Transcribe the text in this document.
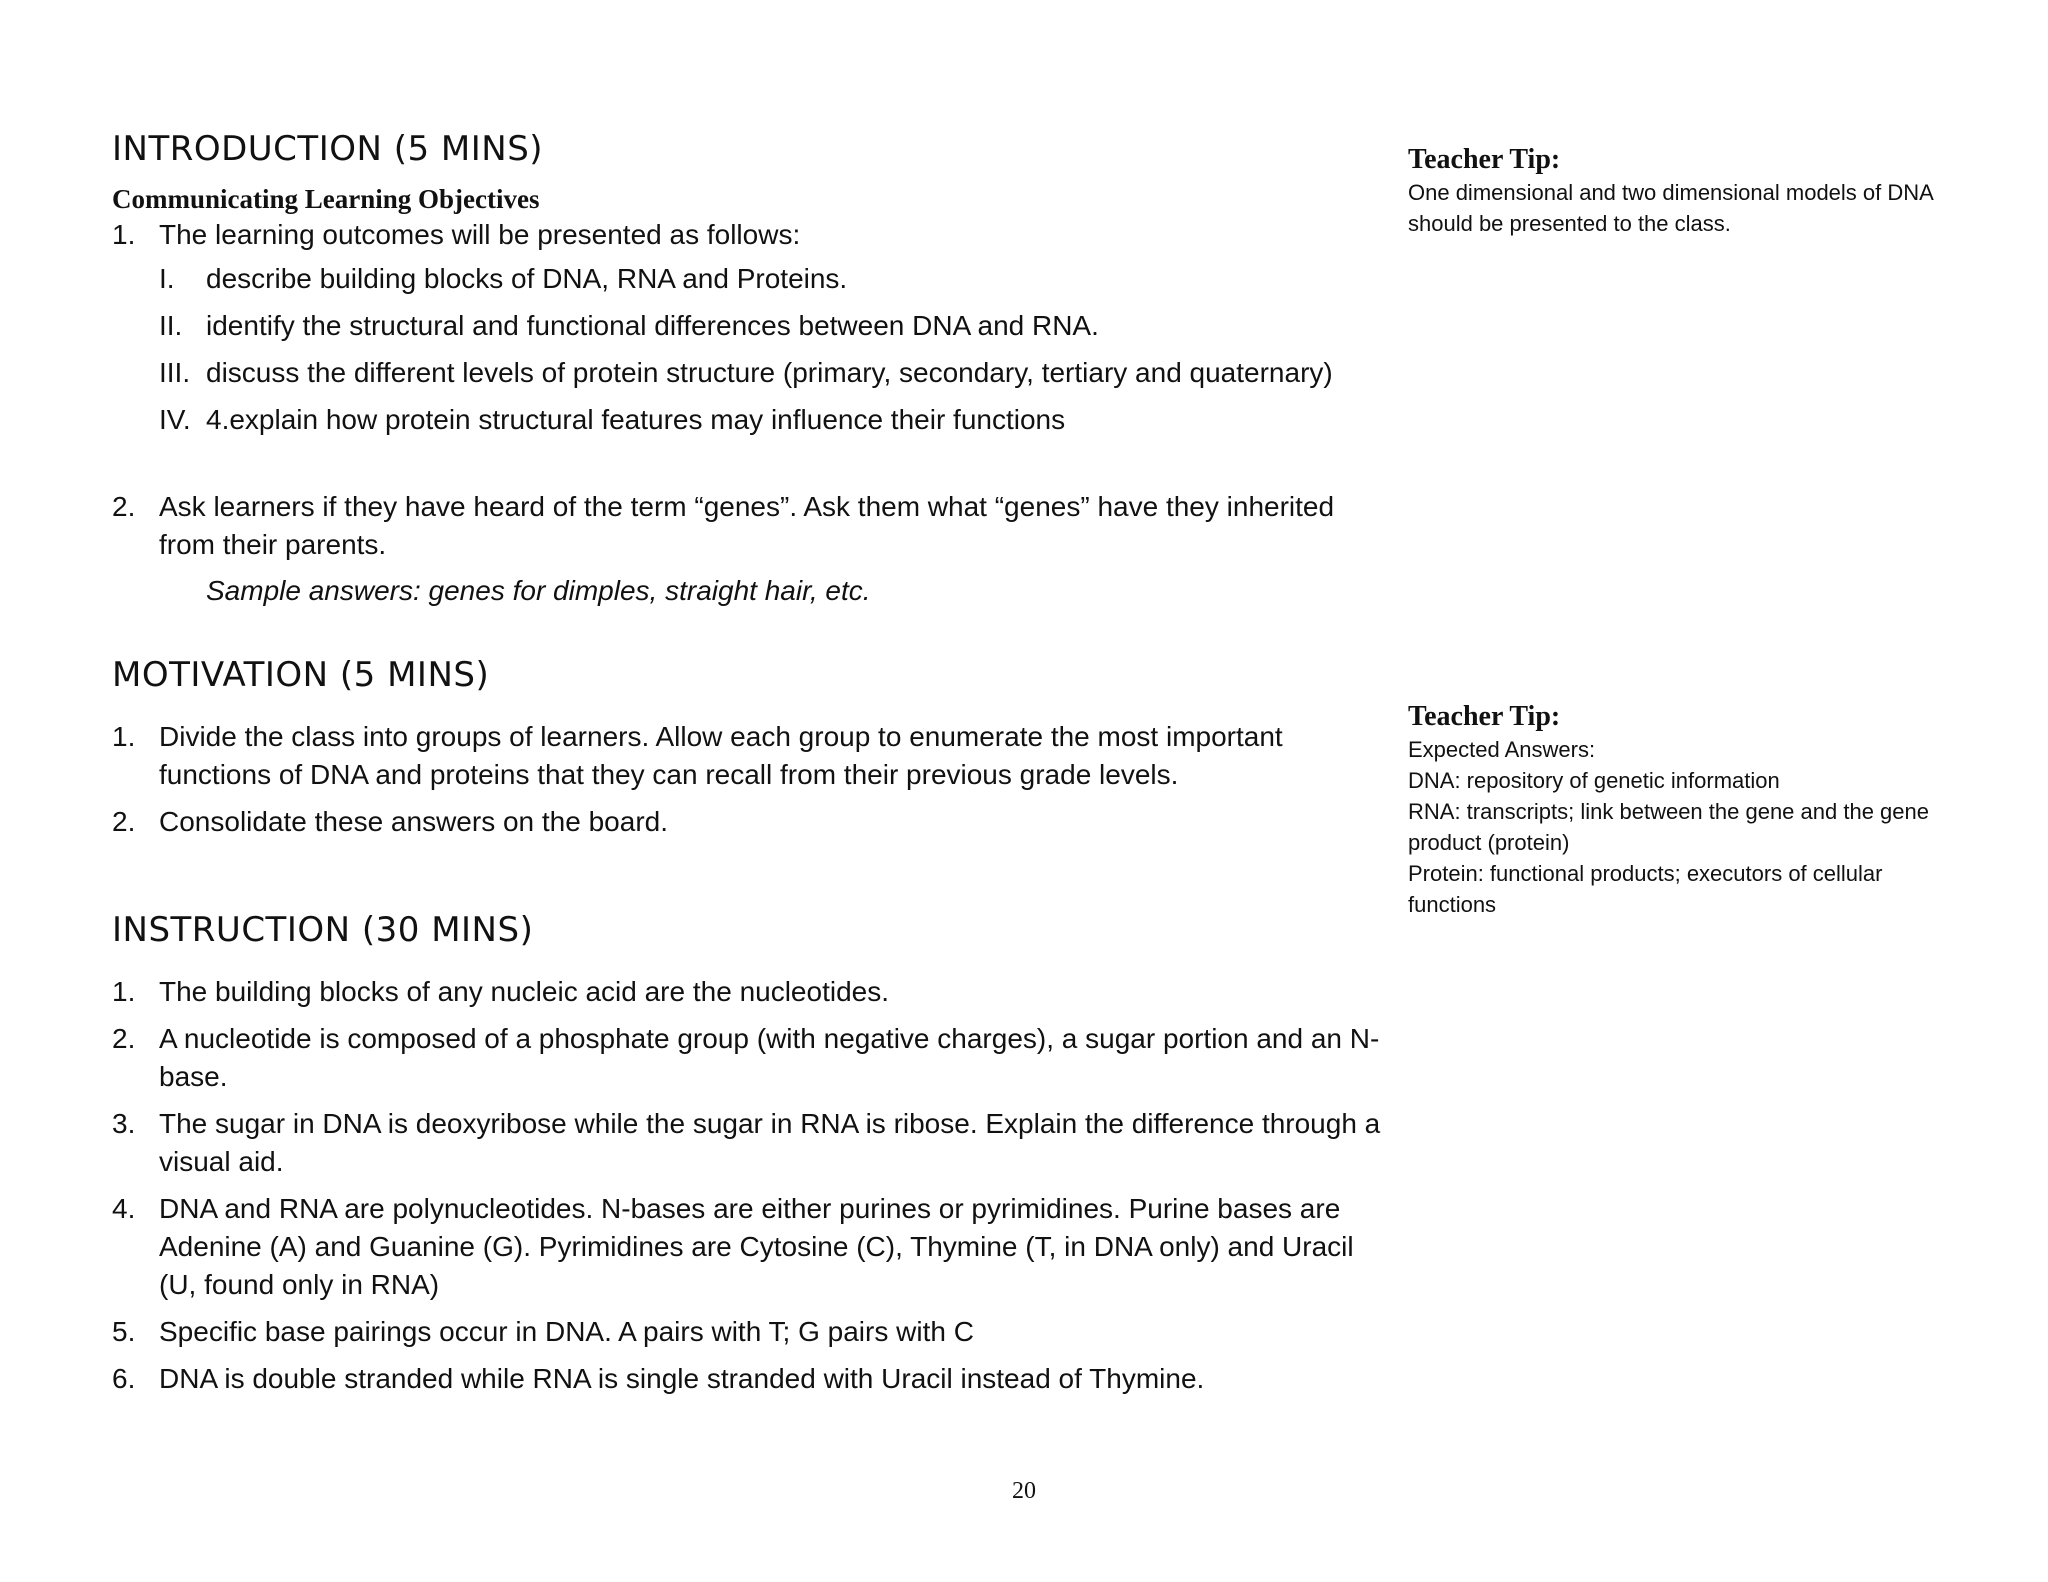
INTRODUCTION (5 MINS)
Communicating Learning Objectives
1. The learning outcomes will be presented as follows:
I. describe building blocks of DNA, RNA and Proteins.
II. identify the structural and functional differences between DNA and RNA.
III. discuss the different levels of protein structure (primary, secondary, tertiary and quaternary)
IV. 4.explain how protein structural features may influence their functions
2. Ask learners if they have heard of the term “genes”. Ask them what “genes” have they inherited from their parents.
Sample answers: genes for dimples, straight hair, etc.
MOTIVATION (5 MINS)
1. Divide the class into groups of learners. Allow each group to enumerate the most important functions of DNA and proteins that they can recall from their previous grade levels.
2. Consolidate these answers on the board.
INSTRUCTION (30 MINS)
1. The building blocks of any nucleic acid are the nucleotides.
2. A nucleotide is composed of a phosphate group (with negative charges), a sugar portion and an N-base.
3. The sugar in DNA is deoxyribose while the sugar in RNA is ribose. Explain the difference through a visual aid.
4. DNA and RNA are polynucleotides. N-bases are either purines or pyrimidines. Purine bases are Adenine (A) and Guanine (G). Pyrimidines are Cytosine (C), Thymine (T, in DNA only) and Uracil (U, found only in RNA)
5. Specific base pairings occur in DNA. A pairs with T; G pairs with C
6. DNA is double stranded while RNA is single stranded with Uracil instead of Thymine.
Teacher Tip:
One dimensional and two dimensional models of DNA should be presented to the class.
Teacher Tip:
Expected Answers:
DNA: repository of genetic information
RNA: transcripts; link between the gene and the gene product (protein)
Protein: functional products; executors of cellular functions
20
